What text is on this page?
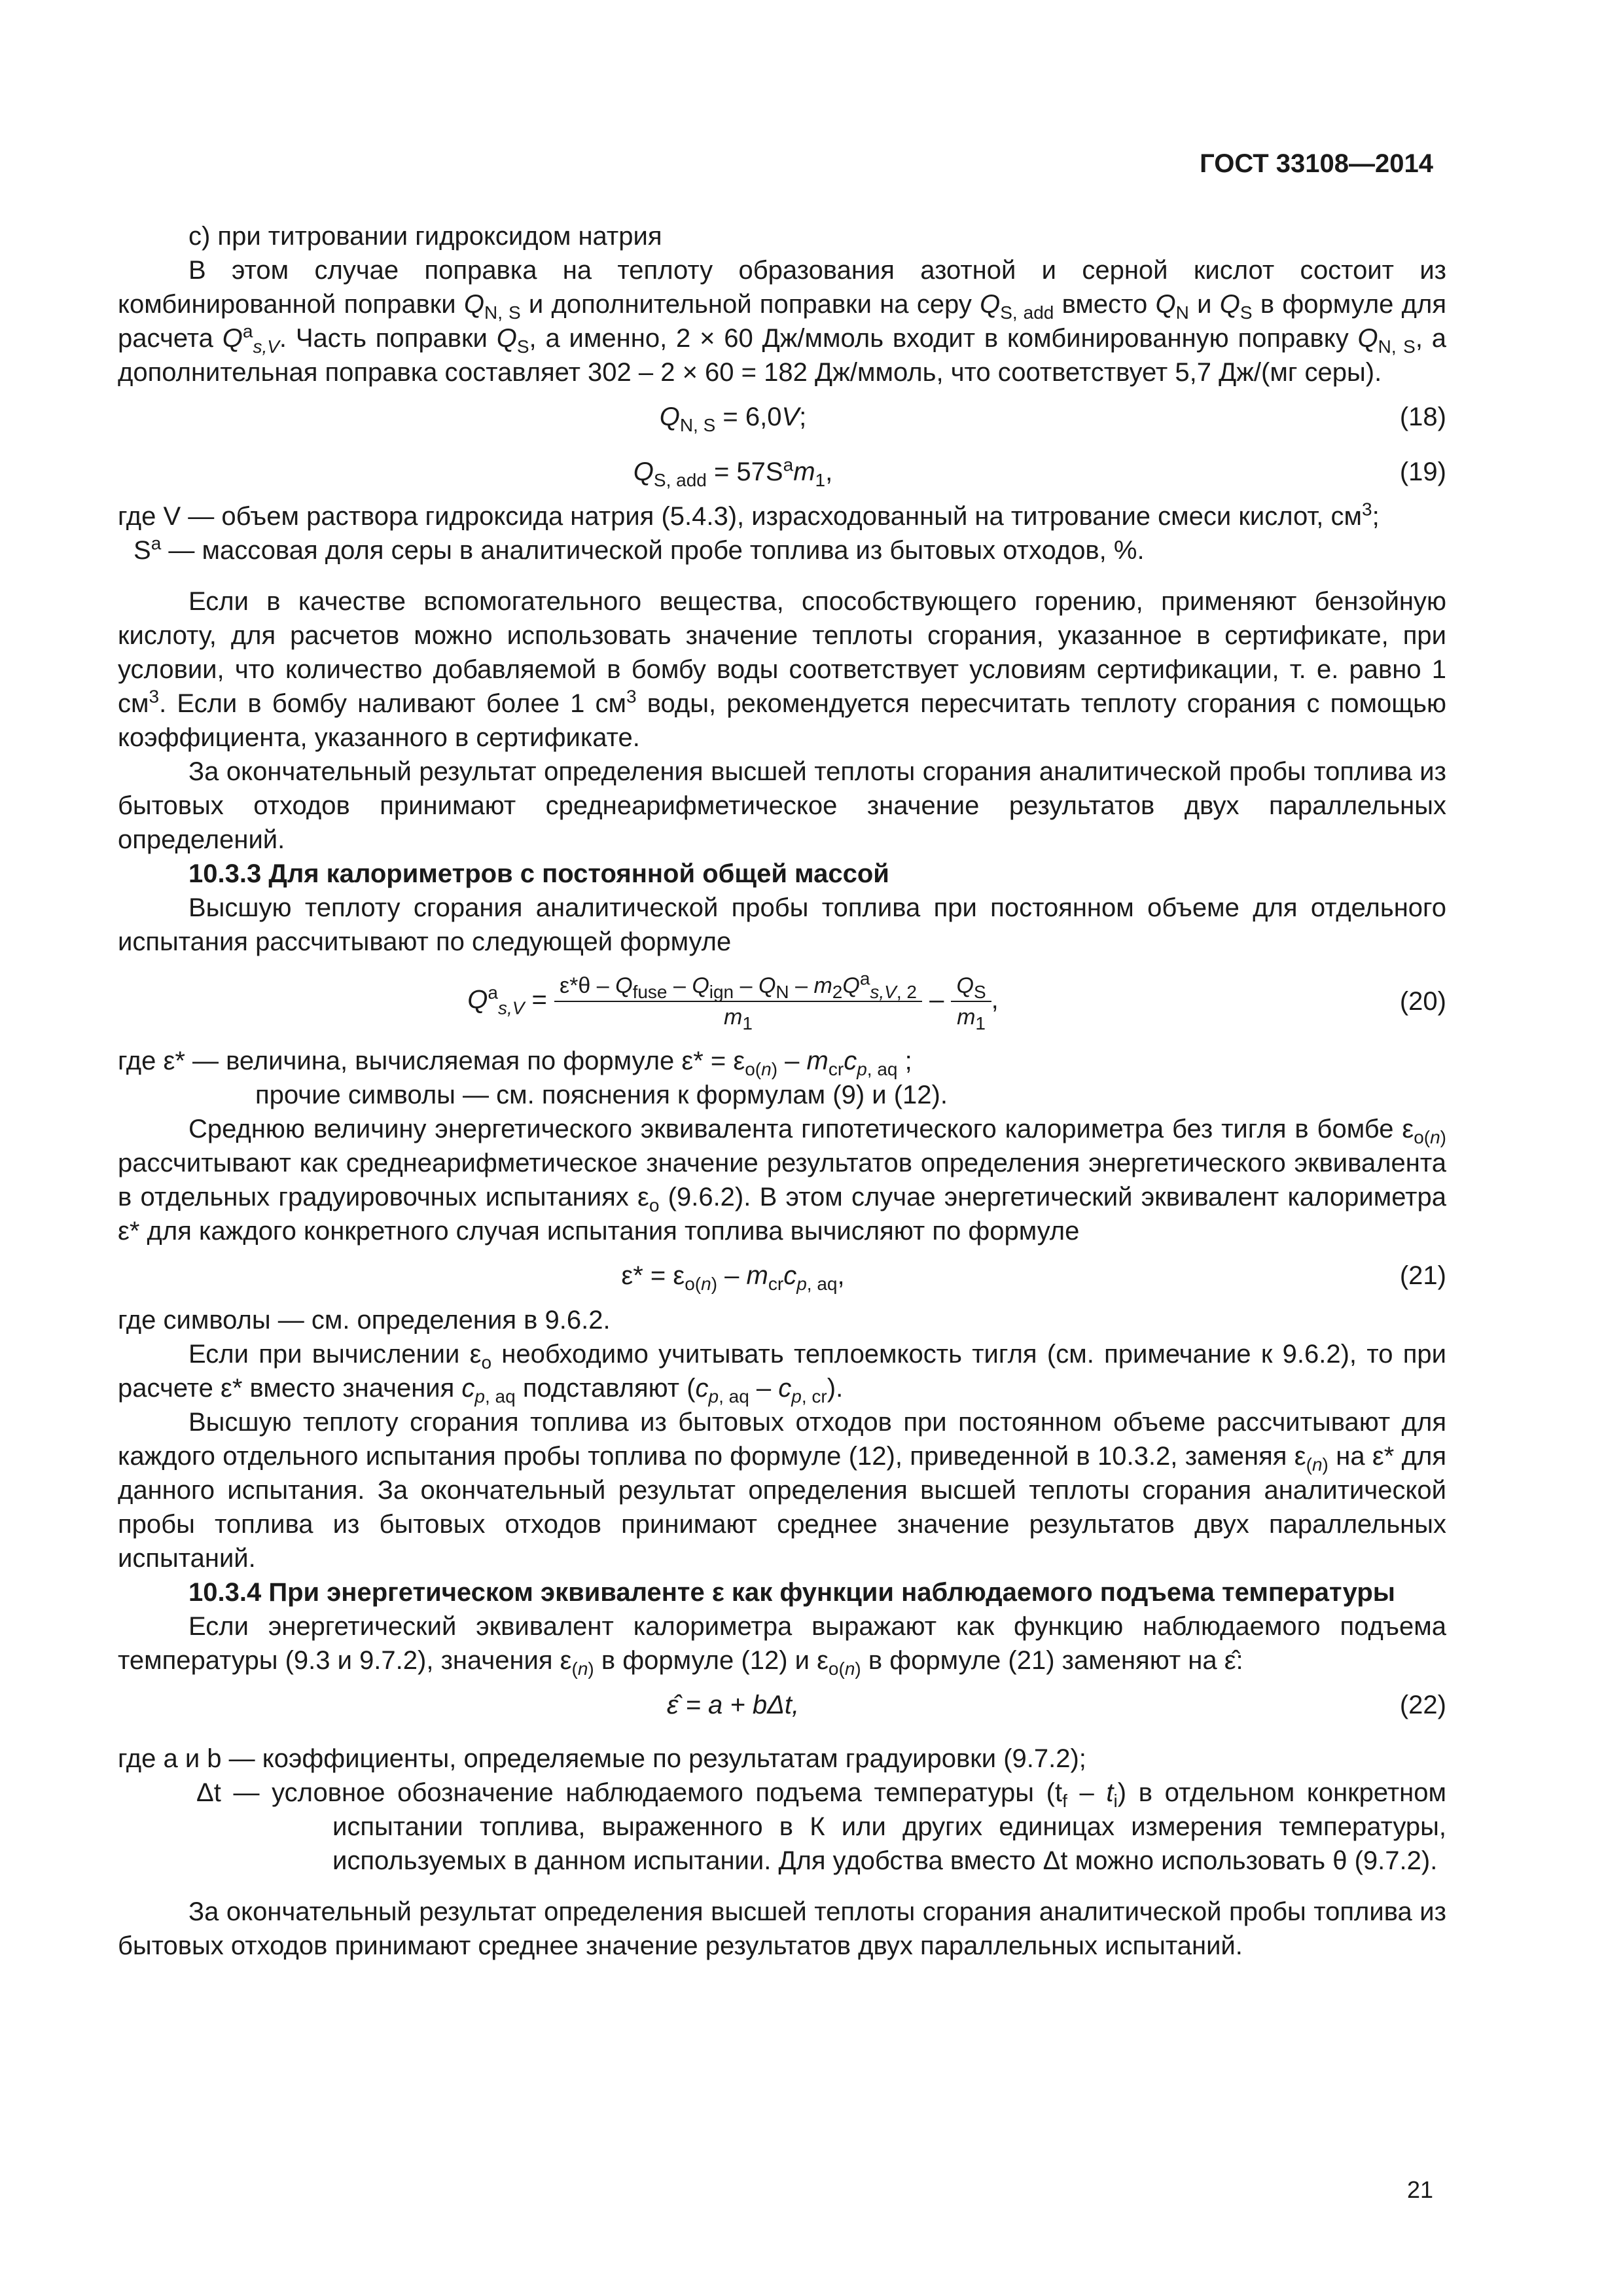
ГОСТ 33108—2014

c) при титровании гидроксидом натрия

В этом случае поправка на теплоту образования азотной и серной кислот состоит из комбинированной поправки $Q_{N, S}$ и дополнительной поправки на серу $Q_{S, add}$ вместо $Q_N$ и $Q_S$ в формуле для расчета $Q^a_{s,V}$. Часть поправки $Q_S$, а именно, 2 × 60 Дж/ммоль входит в комбинированную поправку $Q_{N, S}$, а дополнительная поправка составляет 302 – 2 × 60 = 182 Дж/ммоль, что соответствует 5,7 Дж/(мг серы).

$Q_{N, S} = 6,0V$;	(18)
$Q_{S, add} = 57S^am_1$,	(19)

где V — объем раствора гидроксида натрия (5.4.3), израсходованный на титрование смеси кислот, $см^3$;

$S^a$ — массовая доля серы в аналитической пробе топлива из бытовых отходов, %.

Если в качестве вспомогательного вещества, способствующего горению, применяют бензойную кислоту, для расчетов можно использовать значение теплоты сгорания, указанное в сертификате, при условии, что количество добавляемой в бомбу воды соответствует условиям сертификации, т. е. равно 1 $см^3$. Если в бомбу наливают более 1 $см^3$ воды, рекомендуется пересчитать теплоту сгорания с помощью коэффициента, указанного в сертификате.

За окончательный результат определения высшей теплоты сгорания аналитической пробы топлива из бытовых отходов принимают среднеарифметическое значение результатов двух параллельных определений.

10.3.3 Для калориметров с постоянной общей массой

Высшую теплоту сгорания аналитической пробы топлива при постоянном объеме для отдельного испытания рассчитывают по следующей формуле

$Q^a_{s,V} = \frac{\varepsilon*\theta - Q_{fuse} - Q_{ign} - Q_N - m_2Q^a_{s,V, 2}}{m_1} - \frac{Q_S}{m_1}$ ,	(20)

где ε* — величина, вычисляемая по формуле $\varepsilon* = \varepsilon_{o(n)} - m_{cr}c_{p, aq}$ ;

прочие символы — см. пояснения к формулам (9) и (12).

Среднюю величину энергетического эквивалента гипотетического калориметра без тигля в бомбе $\varepsilon_{o(n)}$ рассчитывают как среднеарифметическое значение результатов определения энергетического эквивалента в отдельных градуировочных испытаниях $\varepsilon_o$ (9.6.2). В этом случае энергетический эквивалент калориметра ε* для каждого конкретного случая испытания топлива вычисляют по формуле

$\varepsilon* = \varepsilon_{o(n)} - m_{cr}c_{p, aq}$,	(21)

где символы — см. определения в 9.6.2.

Если при вычислении $\varepsilon_o$ необходимо учитывать теплоемкость тигля (см. примечание к 9.6.2), то при расчете ε* вместо значения $c_{p, aq}$ подставляют $(c_{p, aq} - c_{p, cr})$.

Высшую теплоту сгорания топлива из бытовых отходов при постоянном объеме рассчитывают для каждого отдельного испытания пробы топлива по формуле (12), приведенной в 10.3.2, заменяя $\varepsilon_{(n)}$ на ε* для данного испытания. За окончательный результат определения высшей теплоты сгорания аналитической пробы топлива из бытовых отходов принимают среднее значение результатов двух параллельных испытаний.

10.3.4 При энергетическом эквиваленте ε как функции наблюдаемого подъема температуры

Если энергетический эквивалент калориметра выражают как функцию наблюдаемого подъема температуры (9.3 и 9.7.2), значения $\varepsilon_{(n)}$ в формуле (12) и $\varepsilon_{o(n)}$ в формуле (21) заменяют на ε̂:

ε̂ = a + bΔt,	(22)

где a и b — коэффициенты, определяемые по результатам градуировки (9.7.2);

Δt — условное обозначение наблюдаемого подъема температуры $(t_f - t_i)$ в отдельном конкретном испытании топлива, выраженного в К или других единицах измерения температуры, используемых в данном испытании. Для удобства вместо Δt можно использовать θ (9.7.2).

За окончательный результат определения высшей теплоты сгорания аналитической пробы топлива из бытовых отходов принимают среднее значение результатов двух параллельных испытаний.

21
